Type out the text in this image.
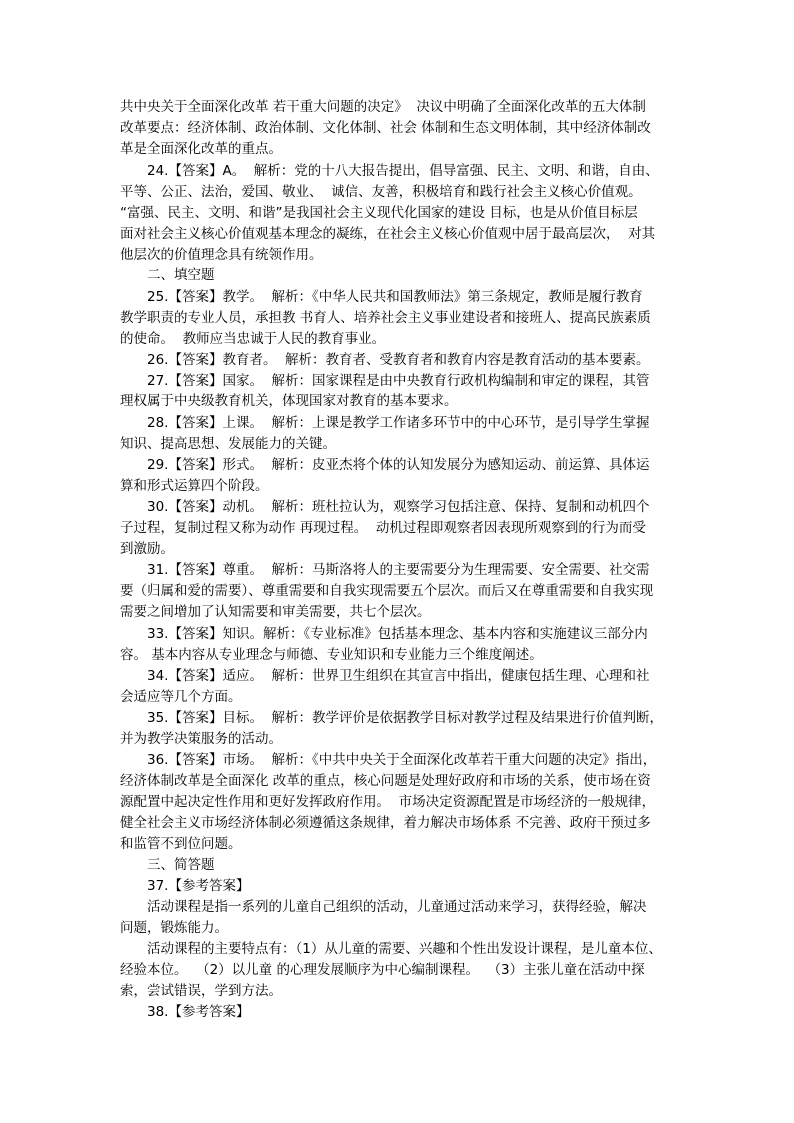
共中央关于全面深化改革 若干重大问题的决定》  决议中明确了全面深化改革的五大体制
改革要点：经济体制、政治体制、文化体制、社会 体制和生态文明体制，其中经济体制改
革是全面深化改革的重点。
24.【答案】A。  解析：党的十八大报告提出，倡导富强、民主、文明、和谐，自由、
平等、公正、法治，爱国、敬业、  诚信、友善，积极培育和践行社会主义核心价值观。
“富强、民主、文明、和谐”是我国社会主义现代化国家的建设 目标，也是从价值目标层
面对社会主义核心价值观基本理念的凝练，在社会主义核心价值观中居于最高层次，  对其
他层次的价值理念具有统领作用。
二、填空题
25.【答案】教学。  解析：《中华人民共和国教师法》第三条规定，教师是履行教育
教学职责的专业人员，承担教 书育人、培养社会主义事业建设者和接班人、提高民族素质
的使命。  教师应当忠诚于人民的教育事业。
26.【答案】教育者。  解析：教育者、受教育者和教育内容是教育活动的基本要素。
27.【答案】国家。  解析：国家课程是由中央教育行政机构编制和审定的课程，其管
理权属于中央级教育机关，体现国家对教育的基本要求。
28.【答案】上课。  解析：上课是教学工作诸多环节中的中心环节，是引导学生掌握
知识、提高思想、发展能力的关键。
29.【答案】形式。  解析：皮亚杰将个体的认知发展分为感知运动、前运算、具体运
算和形式运算四个阶段。
30.【答案】动机。  解析：班杜拉认为，观察学习包括注意、保持、复制和动机四个
子过程，复制过程又称为动作 再现过程。  动机过程即观察者因表现所观察到的行为而受
到激励。
31.【答案】尊重。  解析：马斯洛将人的主要需要分为生理需要、安全需要、社交需
要（归属和爱的需要）、尊重需要和自我实现需要五个层次。而后又在尊重需要和自我实现
需要之间增加了认知需要和审美需要，共七个层次。
33.【答案】知识。解析：《专业标准》包括基本理念、基本内容和实施建议三部分内
容。 基本内容从专业理念与师德、专业知识和专业能力三个维度阐述。
34.【答案】适应。  解析：世界卫生组织在其宣言中指出，健康包括生理、心理和社
会适应等几个方面。
35.【答案】目标。  解析：教学评价是依据教学目标对教学过程及结果进行价值判断，
并为教学决策服务的活动。
36.【答案】市场。  解析：《中共中央关于全面深化改革若干重大问题的决定》指出，
经济体制改革是全面深化 改革的重点，核心问题是处理好政府和市场的关系，使市场在资
源配置中起决定性作用和更好发挥政府作用。  市场决定资源配置是市场经济的一般规律，
健全社会主义市场经济体制必须遵循这条规律，着力解决市场体系 不完善、政府干预过多
和监管不到位问题。
三、简答题
37.【参考答案】
活动课程是指一系列的儿童自己组织的活动，儿童通过活动来学习，获得经验，解决
问题，锻炼能力。
活动课程的主要特点有：（1）从儿童的需要、兴趣和个性出发设计课程，是儿童本位、
经验本位。  （2）以儿童 的心理发展顺序为中心编制课程。  （3）主张儿童在活动中探
索，尝试错误，学到方法。
38.【参考答案】
